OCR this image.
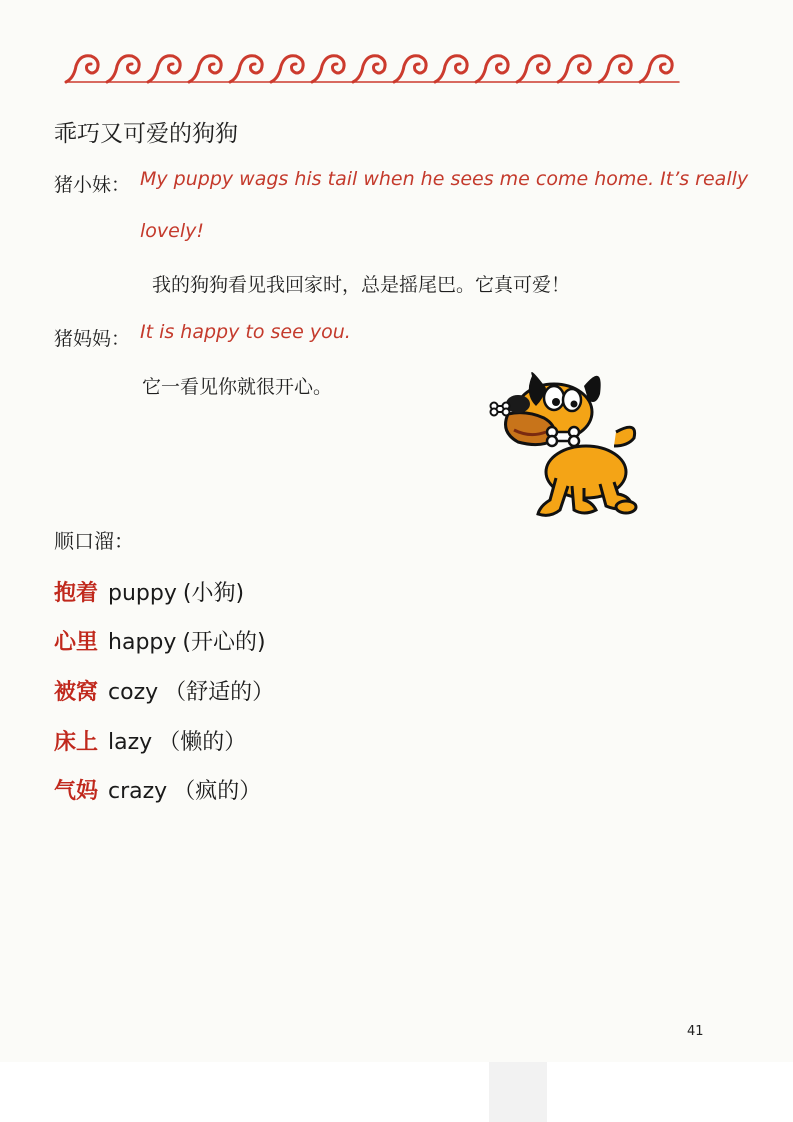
乖巧又可爱的狗狗
猪小妹： My puppy wags his tail when he sees me come home. It’s really
lovely!
我的狗狗看见我回家时，总是摇尾巴。它真可爱！
猪妈妈： It is happy to see you.
它一看见你就很开心。
顺口溜：
抱着 puppy (小狗)
心里 happy (开心的)
被窝 cozy （舒适的）
床上 lazy （懒的）
气妈 crazy （疯的）
41
